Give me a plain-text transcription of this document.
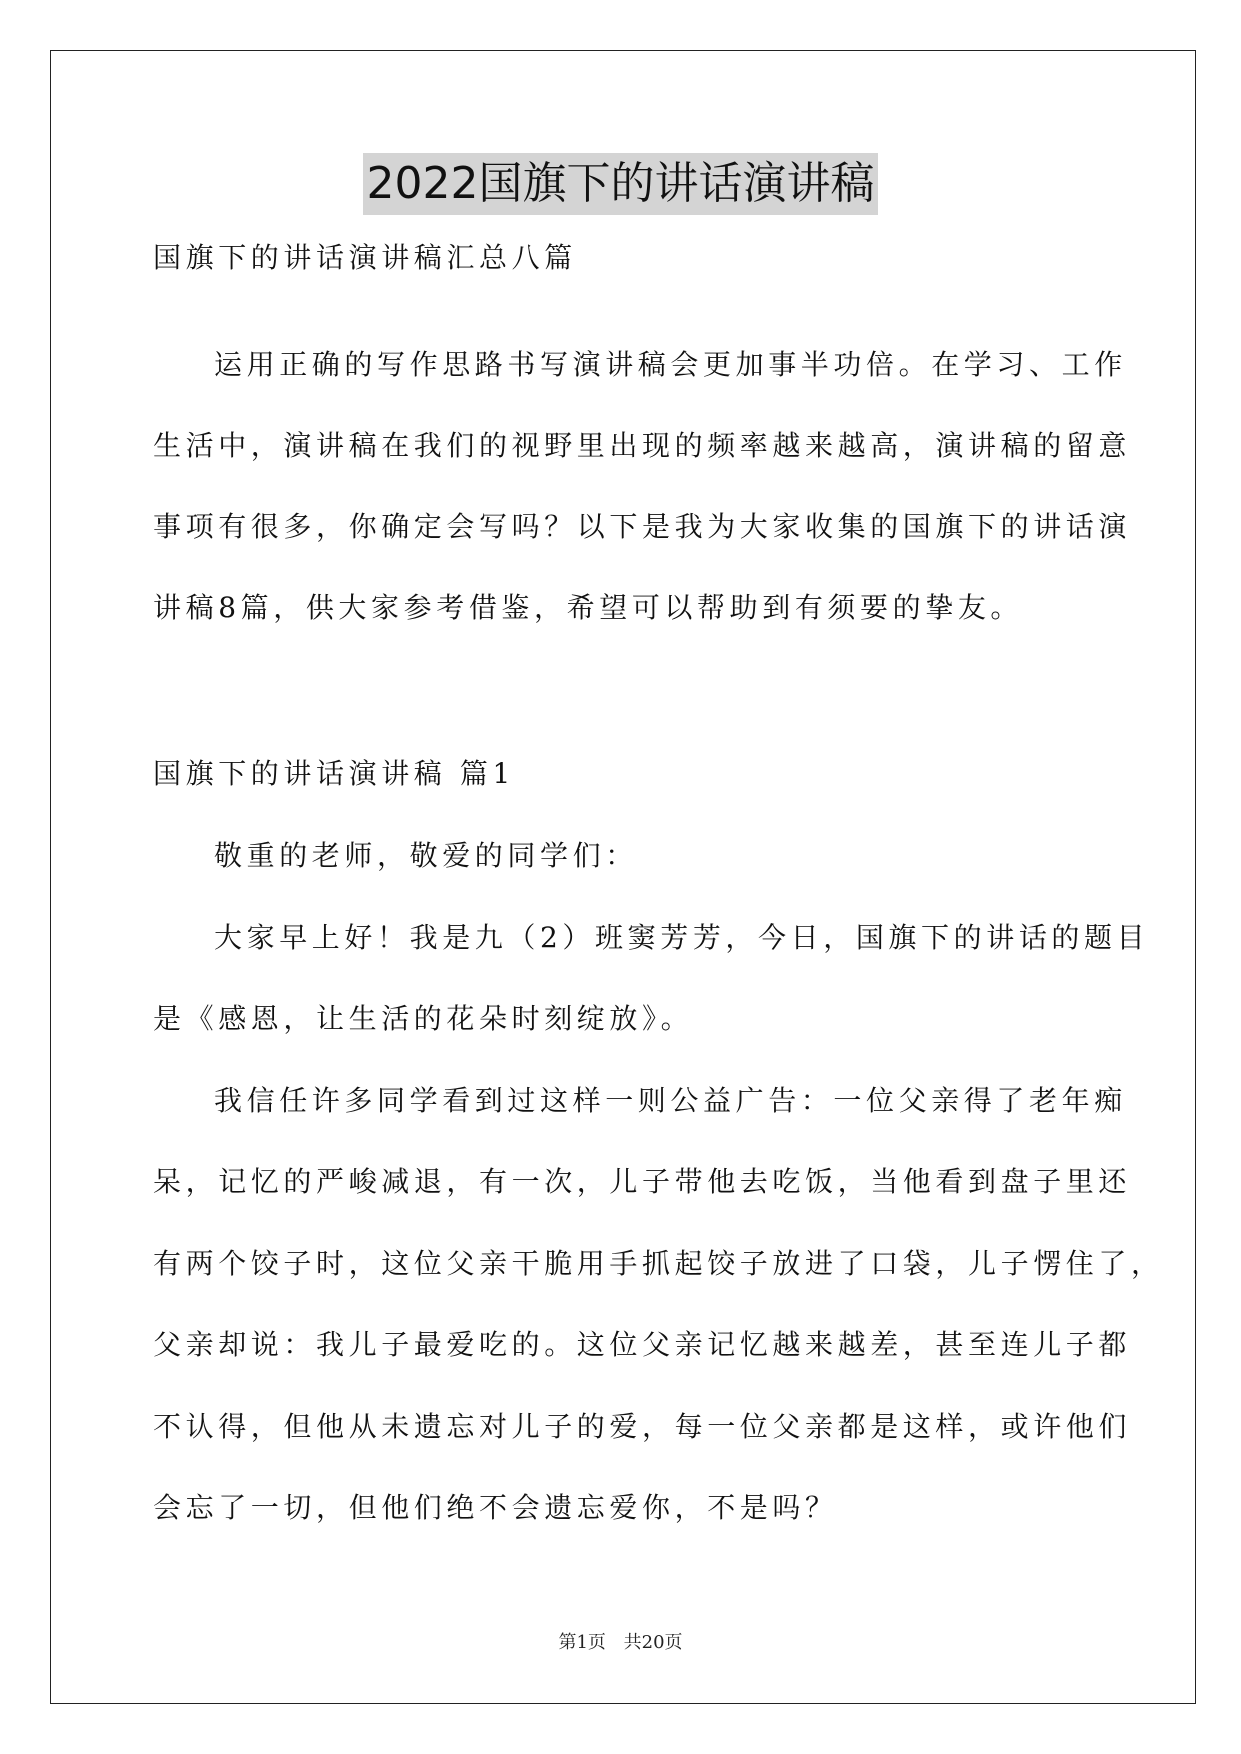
2022国旗下的讲话演讲稿
国旗下的讲话演讲稿汇总八篇
运用正确的写作思路书写演讲稿会更加事半功倍。在学习、工作
生活中，演讲稿在我们的视野里出现的频率越来越高，演讲稿的留意
事项有很多，你确定会写吗？以下是我为大家收集的国旗下的讲话演
讲稿8篇，供大家参考借鉴，希望可以帮助到有须要的挚友。
国旗下的讲话演讲稿 篇1
敬重的老师，敬爱的同学们：
大家早上好！我是九（2）班窦芳芳，今日，国旗下的讲话的题目
是《感恩，让生活的花朵时刻绽放》。
我信任许多同学看到过这样一则公益广告：一位父亲得了老年痴
呆，记忆的严峻减退，有一次，儿子带他去吃饭，当他看到盘子里还
有两个饺子时，这位父亲干脆用手抓起饺子放进了口袋，儿子愣住了，
父亲却说：我儿子最爱吃的。这位父亲记忆越来越差，甚至连儿子都
不认得，但他从未遗忘对儿子的爱，每一位父亲都是这样，或许他们
会忘了一切，但他们绝不会遗忘爱你，不是吗？
第1页 共20页
